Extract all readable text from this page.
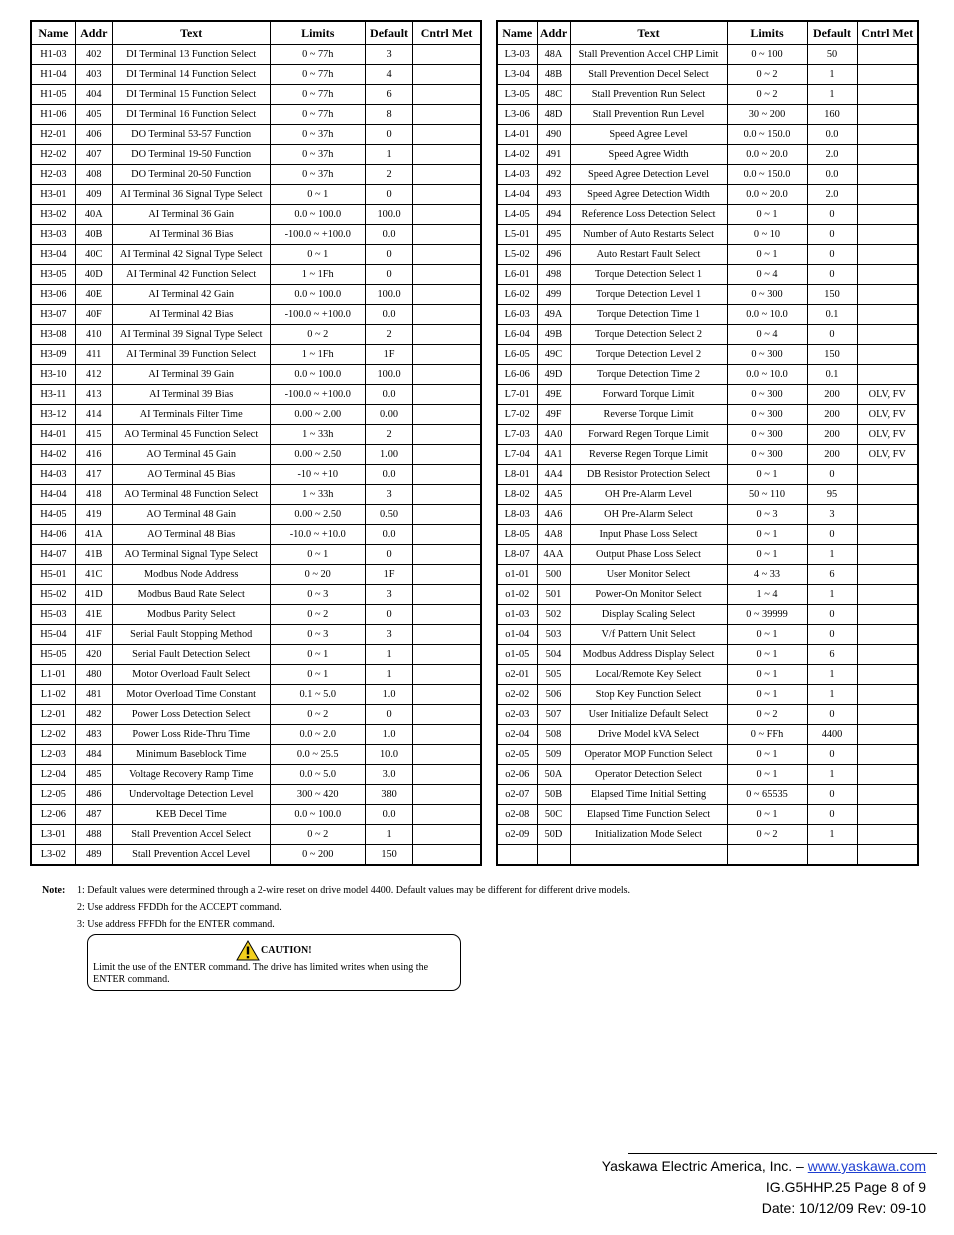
Name	Addr	Text	Limits	Default	Cntrl Met
H1-03	402	DI Terminal 13 Function Select	0 ~ 77h	3	
H1-04	403	DI Terminal 14 Function Select	0 ~ 77h	4	
H1-05	404	DI Terminal 15 Function Select	0 ~ 77h	6	
H1-06	405	DI Terminal 16 Function Select	0 ~ 77h	8	
H2-01	406	DO Terminal 53-57 Function	0 ~ 37h	0	
H2-02	407	DO Terminal 19-50 Function	0 ~ 37h	1	
H2-03	408	DO Terminal 20-50 Function	0 ~ 37h	2	
H3-01	409	AI Terminal 36 Signal Type Select	0 ~ 1	0	
H3-02	40A	AI Terminal 36 Gain	0.0 ~ 100.0	100.0	
H3-03	40B	AI Terminal 36 Bias	-100.0 ~ +100.0	0.0	
H3-04	40C	AI Terminal 42 Signal Type Select	0 ~ 1	0	
H3-05	40D	AI Terminal 42 Function Select	1 ~ 1Fh	0	
H3-06	40E	AI Terminal 42 Gain	0.0 ~ 100.0	100.0	
H3-07	40F	AI Terminal 42 Bias	-100.0 ~ +100.0	0.0	
H3-08	410	AI Terminal 39 Signal Type Select	0 ~ 2	2	
H3-09	411	AI Terminal 39 Function Select	1 ~ 1Fh	1F	
H3-10	412	AI Terminal 39 Gain	0.0 ~ 100.0	100.0	
H3-11	413	AI Terminal 39 Bias	-100.0 ~ +100.0	0.0	
H3-12	414	AI Terminals Filter Time	0.00 ~ 2.00	0.00	
H4-01	415	AO Terminal 45 Function Select	1 ~ 33h	2	
H4-02	416	AO Terminal 45 Gain	0.00 ~ 2.50	1.00	
H4-03	417	AO Terminal 45 Bias	-10 ~ +10	0.0	
H4-04	418	AO Terminal 48 Function Select	1 ~ 33h	3	
H4-05	419	AO Terminal 48 Gain	0.00 ~ 2.50	0.50	
H4-06	41A	AO Terminal 48 Bias	-10.0 ~ +10.0	0.0	
H4-07	41B	AO Terminal Signal Type Select	0 ~ 1	0	
H5-01	41C	Modbus Node Address	0 ~ 20	1F	
H5-02	41D	Modbus Baud Rate Select	0 ~ 3	3	
H5-03	41E	Modbus Parity Select	0 ~ 2	0	
H5-04	41F	Serial Fault Stopping Method	0 ~ 3	3	
H5-05	420	Serial Fault Detection Select	0 ~ 1	1	
L1-01	480	Motor Overload Fault Select	0 ~ 1	1	
L1-02	481	Motor Overload Time Constant	0.1 ~ 5.0	1.0	
L2-01	482	Power Loss Detection Select	0 ~ 2	0	
L2-02	483	Power Loss Ride-Thru Time	0.0 ~ 2.0	1.0	
L2-03	484	Minimum Baseblock Time	0.0 ~ 25.5	10.0	
L2-04	485	Voltage Recovery Ramp Time	0.0 ~ 5.0	3.0	
L2-05	486	Undervoltage Detection Level	300 ~ 420	380	
L2-06	487	KEB Decel Time	0.0 ~ 100.0	0.0	
L3-01	488	Stall Prevention Accel Select	0 ~ 2	1	
L3-02	489	Stall Prevention Accel Level	0 ~ 200	150	
Name	Addr	Text	Limits	Default	Cntrl Met
L3-03	48A	Stall Prevention Accel CHP Limit	0 ~ 100	50	
L3-04	48B	Stall Prevention Decel Select	0 ~ 2	1	
L3-05	48C	Stall Prevention Run Select	0 ~ 2	1	
L3-06	48D	Stall Prevention Run Level	30 ~ 200	160	
L4-01	490	Speed Agree Level	0.0 ~ 150.0	0.0	
L4-02	491	Speed Agree Width	0.0 ~ 20.0	2.0	
L4-03	492	Speed Agree Detection Level	0.0 ~ 150.0	0.0	
L4-04	493	Speed Agree Detection Width	0.0 ~ 20.0	2.0	
L4-05	494	Reference Loss Detection Select	0 ~ 1	0	
L5-01	495	Number of Auto Restarts Select	0 ~ 10	0	
L5-02	496	Auto Restart Fault Select	0 ~ 1	0	
L6-01	498	Torque Detection Select 1	0 ~ 4	0	
L6-02	499	Torque Detection Level 1	0 ~ 300	150	
L6-03	49A	Torque Detection Time 1	0.0 ~ 10.0	0.1	
L6-04	49B	Torque Detection Select 2	0 ~ 4	0	
L6-05	49C	Torque Detection Level 2	0 ~ 300	150	
L6-06	49D	Torque Detection Time 2	0.0 ~ 10.0	0.1	
L7-01	49E	Forward Torque Limit	0 ~ 300	200	OLV, FV
L7-02	49F	Reverse Torque Limit	0 ~ 300	200	OLV, FV
L7-03	4A0	Forward Regen Torque Limit	0 ~ 300	200	OLV, FV
L7-04	4A1	Reverse Regen Torque Limit	0 ~ 300	200	OLV, FV
L8-01	4A4	DB Resistor Protection Select	0 ~ 1	0	
L8-02	4A5	OH Pre-Alarm Level	50 ~ 110	95	
L8-03	4A6	OH Pre-Alarm Select	0 ~ 3	3	
L8-05	4A8	Input Phase Loss Select	0 ~ 1	0	
L8-07	4AA	Output Phase Loss Select	0 ~ 1	1	
o1-01	500	User Monitor Select	4 ~ 33	6	
o1-02	501	Power-On Monitor Select	1 ~ 4	1	
o1-03	502	Display Scaling Select	0 ~ 39999	0	
o1-04	503	V/f Pattern Unit Select	0 ~ 1	0	
o1-05	504	Modbus Address Display Select	0 ~ 1	6	
o2-01	505	Local/Remote Key Select	0 ~ 1	1	
o2-02	506	Stop Key Function Select	0 ~ 1	1	
o2-03	507	User Initialize Default Select	0 ~ 2	0	
o2-04	508	Drive Model kVA Select	0 ~ FFh	4400	
o2-05	509	Operator MOP Function Select	0 ~ 1	0	
o2-06	50A	Operator Detection Select	0 ~ 1	1	
o2-07	50B	Elapsed Time Initial Setting	0 ~ 65535	0	
o2-08	50C	Elapsed Time Function Select	0 ~ 1	0	
o2-09	50D	Initialization Mode Select	0 ~ 2	1	

Note:	1: Default values were determined through a 2-wire reset on drive model 4400. Default values may be different for different drive models.
2: Use address FFDDh for the ACCEPT command.
3: Use address FFFDh for the ENTER command.
CAUTION!
Limit the use of the ENTER command. The drive has limited writes when using the ENTER command.
Yaskawa Electric America, Inc. – www.yaskawa.com
IG.G5HHP.25 Page 8 of 9
Date: 10/12/09 Rev: 09-10
